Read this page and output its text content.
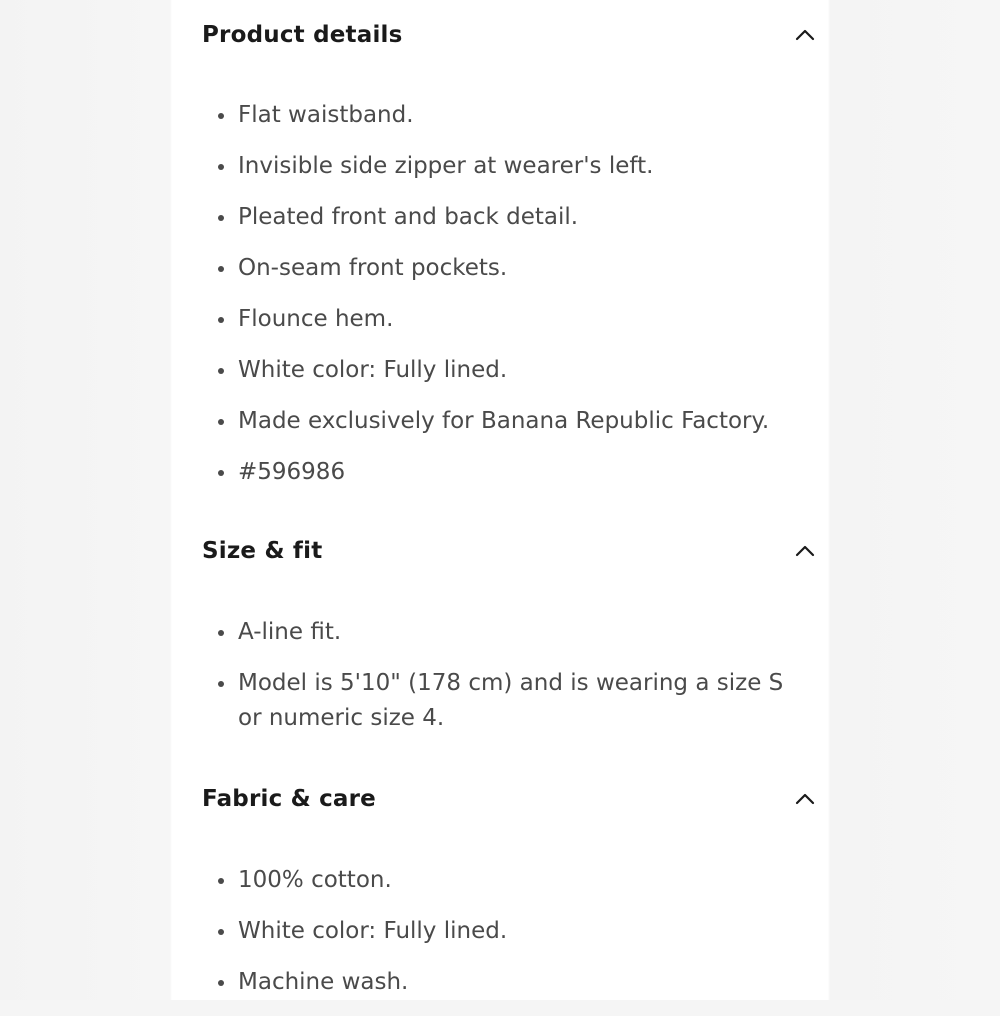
Product details
Flat waistband.
Invisible side zipper at wearer's left.
Pleated front and back detail.
On-seam front pockets.
Flounce hem.
White color: Fully lined.
Made exclusively for Banana Republic Factory.
#596986
Size & fit
A-line fit.
Model is 5'10" (178 cm) and is wearing a size S or numeric size 4.
Fabric & care
100% cotton.
White color: Fully lined.
Machine wash.
